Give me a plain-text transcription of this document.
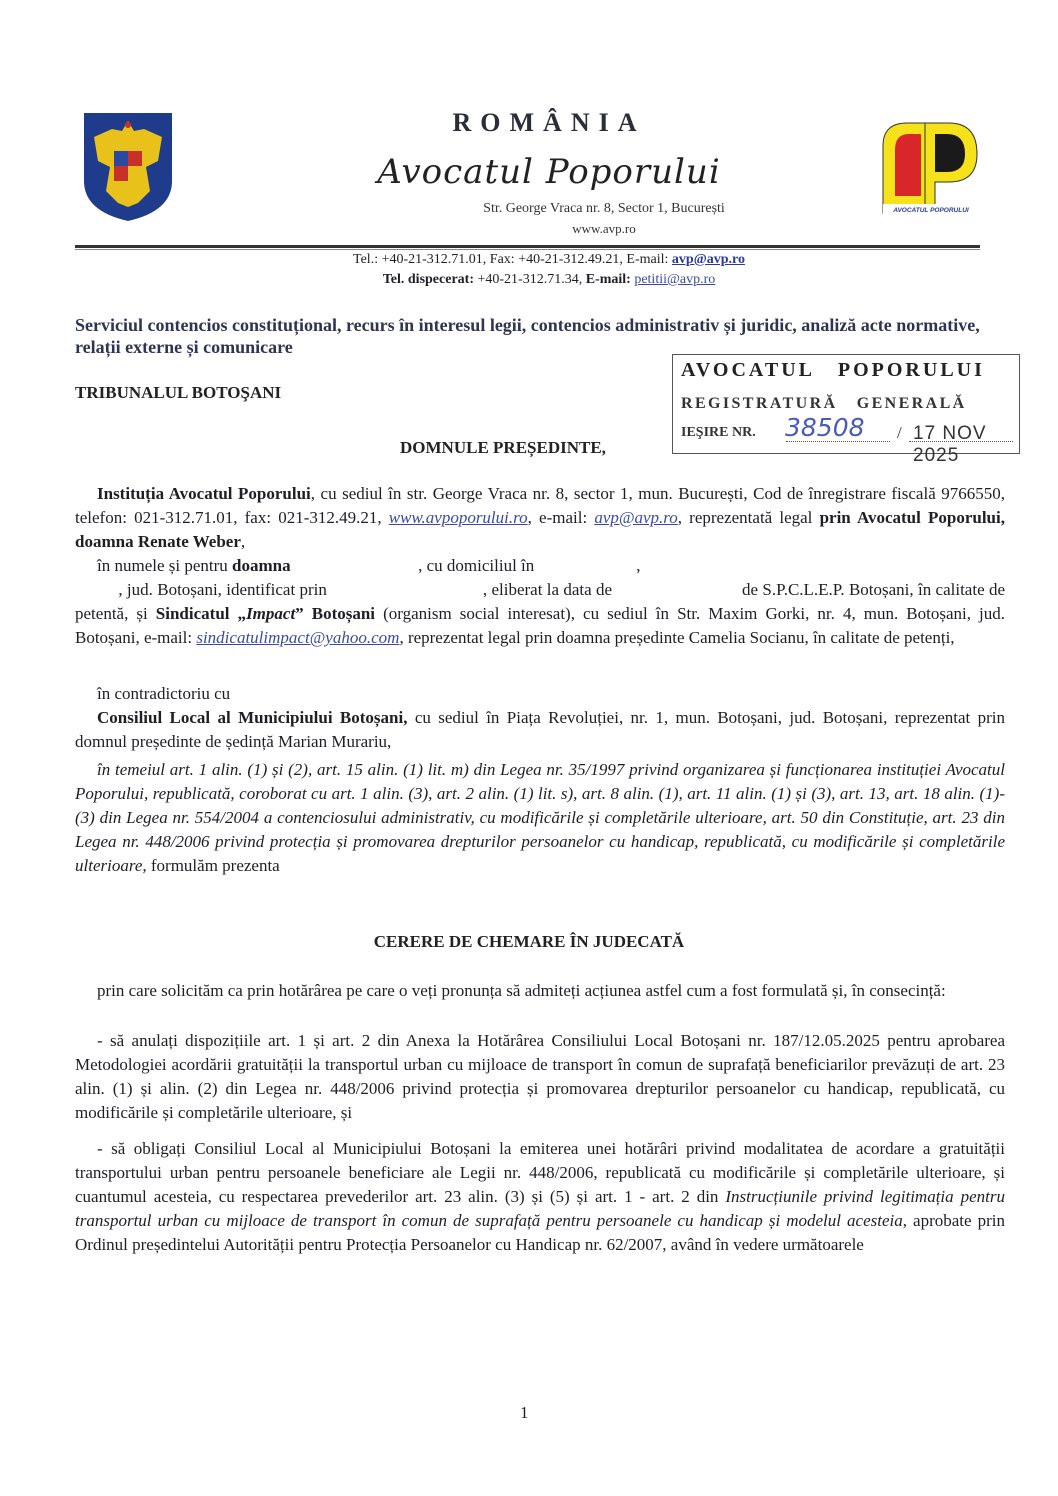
ROMÂNIA
Avocatul Poporului
Str. George Vraca nr. 8, Sector 1, București
www.avp.ro
AVOCATUL POPORULUI
Tel.: +40-21-312.71.01, Fax: +40-21-312.49.21, E-mail: avp@avp.ro
Tel. dispecerat: +40-21-312.71.34, E-mail: petitii@avp.ro
Serviciul contencios constituțional, recurs în interesul legii, contencios administrativ și juridic, analiză acte normative, relații externe și comunicare
TRIBUNALUL BOTOŞANI
DOMNULE PREȘEDINTE,
AVOCATUL   POPORULUI
REGISTRATURĂ   GENERALĂ
IEŞIRE NR. 38508 / 17 NOV 2025
Instituția Avocatul Poporului, cu sediul în str. George Vraca nr. 8, sector 1, mun. București, Cod de înregistrare fiscală 9766550, telefon: 021-312.71.01, fax: 021-312.49.21, www.avpoporului.ro, e-mail: avp@avp.ro, reprezentată legal prin Avocatul Poporului, doamna Renate Weber,
în numele și pentru doamna                              , cu domiciliul în                        ,
, jud. Botoșani, identificat prin                                    , eliberat la data de                              de S.P.C.L.E.P. Botoșani, în calitate de petentă, și Sindicatul „Impact” Botoșani (organism social interesat), cu sediul în Str. Maxim Gorki, nr. 4, mun. Botoșani, jud. Botoșani, e-mail: sindicatulimpact@yahoo.com, reprezentat legal prin doamna președinte Camelia Socianu, în calitate de petenți,
în contradictoriu cu
Consiliul Local al Municipiului Botoșani, cu sediul în Piața Revoluției, nr. 1, mun. Botoșani, jud. Botoșani, reprezentat prin domnul președinte de ședință Marian Murariu,
în temeiul art. 1 alin. (1) și (2), art. 15 alin. (1) lit. m) din Legea nr. 35/1997 privind organizarea și funcționarea instituției Avocatul Poporului, republicată, coroborat cu art. 1 alin. (3), art. 2 alin. (1) lit. s), art. 8 alin. (1), art. 11 alin. (1) și (3), art. 13, art. 18 alin. (1)-(3) din Legea nr. 554/2004 a contenciosului administrativ, cu modificările și completările ulterioare, art. 50 din Constituție, art. 23 din Legea nr. 448/2006 privind protecția și promovarea drepturilor persoanelor cu handicap, republicată, cu modificările și completările ulterioare, formulăm prezenta
CERERE DE CHEMARE ÎN JUDECATĂ
prin care solicităm ca prin hotărârea pe care o veți pronunța să admiteți acțiunea astfel cum a fost formulată și, în consecință:
- să anulați dispozițiile art. 1 și art. 2 din Anexa la Hotărârea Consiliului Local Botoșani nr. 187/12.05.2025 pentru aprobarea Metodologiei acordării gratuității la transportul urban cu mijloace de transport în comun de suprafață beneficiarilor prevăzuți de art. 23 alin. (1) și alin. (2) din Legea nr. 448/2006 privind protecția și promovarea drepturilor persoanelor cu handicap, republicată, cu modificările și completările ulterioare, și
- să obligați Consiliul Local al Municipiului Botoșani la emiterea unei hotărâri privind modalitatea de acordare a gratuității transportului urban pentru persoanele beneficiare ale Legii nr. 448/2006, republicată cu modificările și completările ulterioare, și cuantumul acesteia, cu respectarea prevederilor art. 23 alin. (3) și (5) și art. 1 - art. 2 din Instrucțiunile privind legitimația pentru transportul urban cu mijloace de transport în comun de suprafață pentru persoanele cu handicap și modelul acesteia, aprobate prin Ordinul președintelui Autorității pentru Protecția Persoanelor cu Handicap nr. 62/2007, având în vedere următoarele
1
